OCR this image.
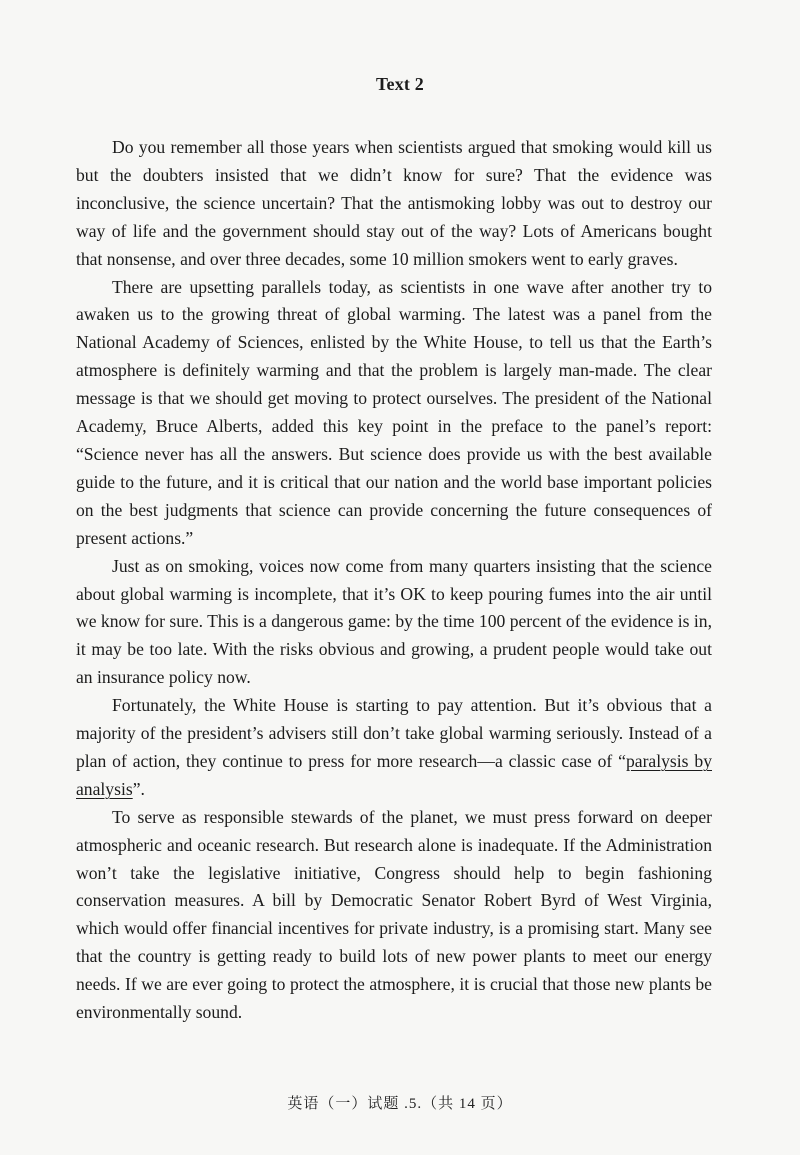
Text 2

Do you remember all those years when scientists argued that smoking would kill us but the doubters insisted that we didn’t know for sure? That the evidence was inconclusive, the science uncertain? That the antismoking lobby was out to destroy our way of life and the government should stay out of the way? Lots of Americans bought that nonsense, and over three decades, some 10 million smokers went to early graves.

There are upsetting parallels today, as scientists in one wave after another try to awaken us to the growing threat of global warming. The latest was a panel from the National Academy of Sciences, enlisted by the White House, to tell us that the Earth’s atmosphere is definitely warming and that the problem is largely man-made. The clear message is that we should get moving to protect ourselves. The president of the National Academy, Bruce Alberts, added this key point in the preface to the panel’s report: “Science never has all the answers. But science does provide us with the best available guide to the future, and it is critical that our nation and the world base important policies on the best judgments that science can provide concerning the future consequences of present actions.”

Just as on smoking, voices now come from many quarters insisting that the science about global warming is incomplete, that it’s OK to keep pouring fumes into the air until we know for sure. This is a dangerous game: by the time 100 percent of the evidence is in, it may be too late. With the risks obvious and growing, a prudent people would take out an insurance policy now.

Fortunately, the White House is starting to pay attention. But it’s obvious that a majority of the president’s advisers still don’t take global warming seriously. Instead of a plan of action, they continue to press for more research—a classic case of “paralysis by analysis”.

To serve as responsible stewards of the planet, we must press forward on deeper atmospheric and oceanic research. But research alone is inadequate. If the Administration won’t take the legislative initiative, Congress should help to begin fashioning conservation measures. A bill by Democratic Senator Robert Byrd of West Virginia, which would offer financial incentives for private industry, is a promising start. Many see that the country is getting ready to build lots of new power plants to meet our energy needs. If we are ever going to protect the atmosphere, it is crucial that those new plants be environmentally sound.

英语（一）试题 .5.（共 14 页）
